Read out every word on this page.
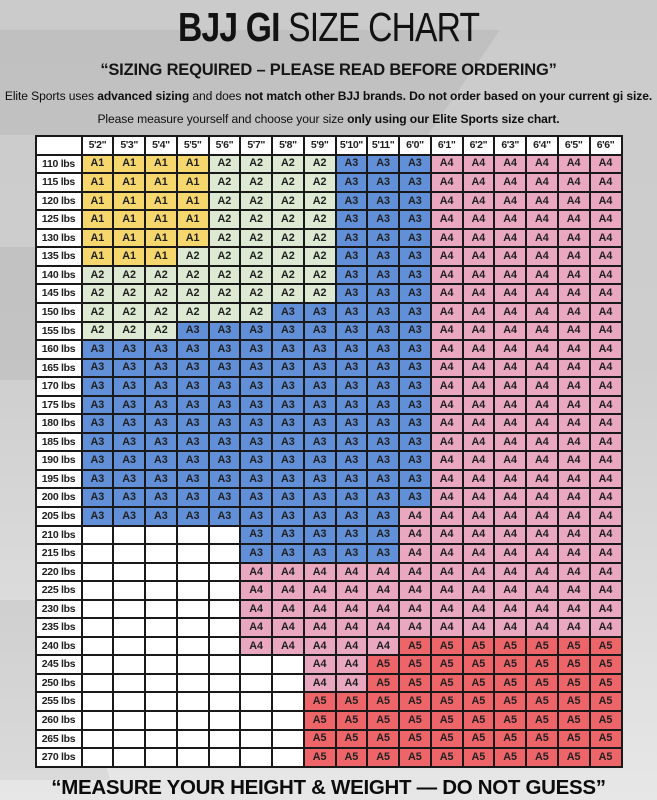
BJJ GI SIZE CHART
“SIZING REQUIRED – PLEASE READ BEFORE ORDERING”
Elite Sports uses advanced sizing and does not match other BJJ brands. Do not order based on your current gi size.
Please measure yourself and choose your size only using our Elite Sports size chart.
	5'2"	5'3"	5'4"	5'5"	5'6"	5'7"	5'8"	5'9"	5'10"	5'11"	6'0"	6'1"	6'2"	6'3"	6'4"	6'5"	6'6"
110 lbs	A1	A1	A1	A1	A2	A2	A2	A2	A3	A3	A3	A4	A4	A4	A4	A4	A4
115 lbs	A1	A1	A1	A1	A2	A2	A2	A2	A3	A3	A3	A4	A4	A4	A4	A4	A4
120 lbs	A1	A1	A1	A1	A2	A2	A2	A2	A3	A3	A3	A4	A4	A4	A4	A4	A4
125 lbs	A1	A1	A1	A1	A2	A2	A2	A2	A3	A3	A3	A4	A4	A4	A4	A4	A4
130 lbs	A1	A1	A1	A1	A2	A2	A2	A2	A3	A3	A3	A4	A4	A4	A4	A4	A4
135 lbs	A1	A1	A1	A2	A2	A2	A2	A2	A3	A3	A3	A4	A4	A4	A4	A4	A4
140 lbs	A2	A2	A2	A2	A2	A2	A2	A2	A3	A3	A3	A4	A4	A4	A4	A4	A4
145 lbs	A2	A2	A2	A2	A2	A2	A2	A2	A3	A3	A3	A4	A4	A4	A4	A4	A4
150 lbs	A2	A2	A2	A2	A2	A2	A3	A3	A3	A3	A3	A4	A4	A4	A4	A4	A4
155 lbs	A2	A2	A2	A3	A3	A3	A3	A3	A3	A3	A3	A4	A4	A4	A4	A4	A4
160 lbs	A3	A3	A3	A3	A3	A3	A3	A3	A3	A3	A3	A4	A4	A4	A4	A4	A4
165 lbs	A3	A3	A3	A3	A3	A3	A3	A3	A3	A3	A3	A4	A4	A4	A4	A4	A4
170 lbs	A3	A3	A3	A3	A3	A3	A3	A3	A3	A3	A3	A4	A4	A4	A4	A4	A4
175 lbs	A3	A3	A3	A3	A3	A3	A3	A3	A3	A3	A3	A4	A4	A4	A4	A4	A4
180 lbs	A3	A3	A3	A3	A3	A3	A3	A3	A3	A3	A3	A4	A4	A4	A4	A4	A4
185 lbs	A3	A3	A3	A3	A3	A3	A3	A3	A3	A3	A3	A4	A4	A4	A4	A4	A4
190 lbs	A3	A3	A3	A3	A3	A3	A3	A3	A3	A3	A3	A4	A4	A4	A4	A4	A4
195 lbs	A3	A3	A3	A3	A3	A3	A3	A3	A3	A3	A3	A4	A4	A4	A4	A4	A4
200 lbs	A3	A3	A3	A3	A3	A3	A3	A3	A3	A3	A3	A4	A4	A4	A4	A4	A4
205 lbs	A3	A3	A3	A3	A3	A3	A3	A3	A3	A3	A4	A4	A4	A4	A4	A4	A4
210 lbs						A3	A3	A3	A3	A3	A4	A4	A4	A4	A4	A4	A4
215 lbs						A3	A3	A3	A3	A3	A4	A4	A4	A4	A4	A4	A4
220 lbs						A4	A4	A4	A4	A4	A4	A4	A4	A4	A4	A4	A4
225 lbs						A4	A4	A4	A4	A4	A4	A4	A4	A4	A4	A4	A4
230 lbs						A4	A4	A4	A4	A4	A4	A4	A4	A4	A4	A4	A4
235 lbs						A4	A4	A4	A4	A4	A4	A4	A4	A4	A4	A4	A4
240 lbs						A4	A4	A4	A4	A4	A5	A5	A5	A5	A5	A5	A5
245 lbs								A4	A4	A5	A5	A5	A5	A5	A5	A5	A5
250 lbs								A4	A4	A5	A5	A5	A5	A5	A5	A5	A5
255 lbs								A5	A5	A5	A5	A5	A5	A5	A5	A5	A5
260 lbs								A5	A5	A5	A5	A5	A5	A5	A5	A5	A5
265 lbs								A5	A5	A5	A5	A5	A5	A5	A5	A5	A5
270 lbs								A5	A5	A5	A5	A5	A5	A5	A5	A5	A5
“MEASURE YOUR HEIGHT & WEIGHT — DO NOT GUESS”
